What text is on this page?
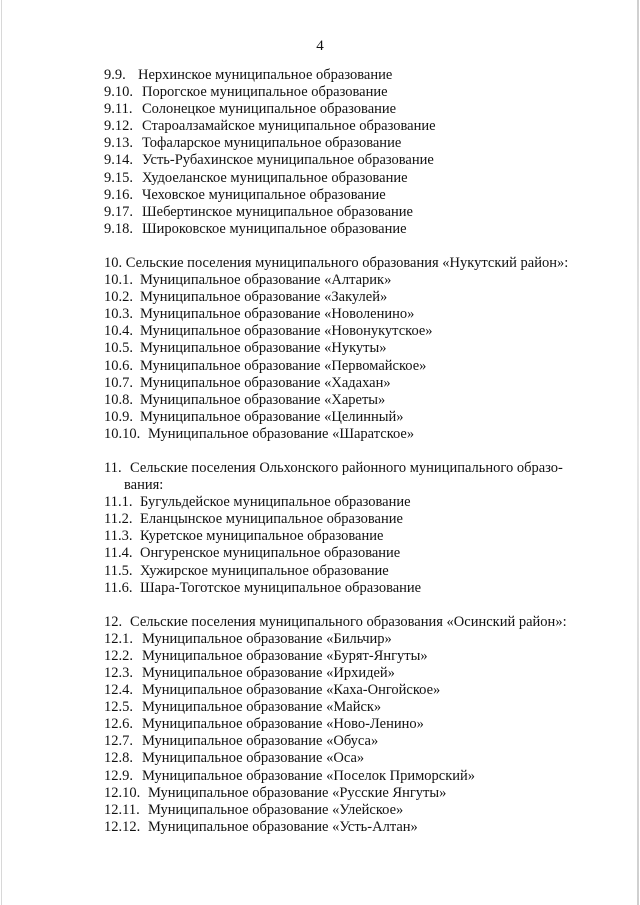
4
9.9. Нерхинское муниципальное образование
9.10. Порогское муниципальное образование
9.11. Солонецкое муниципальное образование
9.12. Староалзамайское муниципальное образование
9.13. Тофаларское муниципальное образование
9.14. Усть-Рубахинское муниципальное образование
9.15. Худоеланское муниципальное образование
9.16. Чеховское муниципальное образование
9.17. Шебертинское муниципальное образование
9.18. Широковское муниципальное образование
10. Сельские поселения муниципального образования «Нукутский район»:
10.1. Муниципальное образование «Алтарик»
10.2. Муниципальное образование «Закулей»
10.3. Муниципальное образование «Новоленино»
10.4. Муниципальное образование «Новонукутское»
10.5. Муниципальное образование «Нукуты»
10.6. Муниципальное образование «Первомайское»
10.7. Муниципальное образование «Хадахан»
10.8. Муниципальное образование «Хареты»
10.9. Муниципальное образование «Целинный»
10.10. Муниципальное образование «Шаратское»
11. Сельские поселения Ольхонского районного муниципального образо-
вания:
11.1. Бугульдейское муниципальное образование
11.2. Еланцынское муниципальное образование
11.3. Куретское муниципальное образование
11.4. Онгуренское муниципальное образование
11.5. Хужирское муниципальное образование
11.6. Шара-Тоготское муниципальное образование
12. Сельские поселения муниципального образования «Осинский район»:
12.1. Муниципальное образование «Бильчир»
12.2. Муниципальное образование «Бурят-Янгуты»
12.3. Муниципальное образование «Ирхидей»
12.4. Муниципальное образование «Каха-Онгойское»
12.5. Муниципальное образование «Майск»
12.6. Муниципальное образование «Ново-Ленино»
12.7. Муниципальное образование «Обуса»
12.8. Муниципальное образование «Оса»
12.9. Муниципальное образование «Поселок Приморский»
12.10. Муниципальное образование «Русские Янгуты»
12.11. Муниципальное образование «Улейское»
12.12. Муниципальное образование «Усть-Алтан»
